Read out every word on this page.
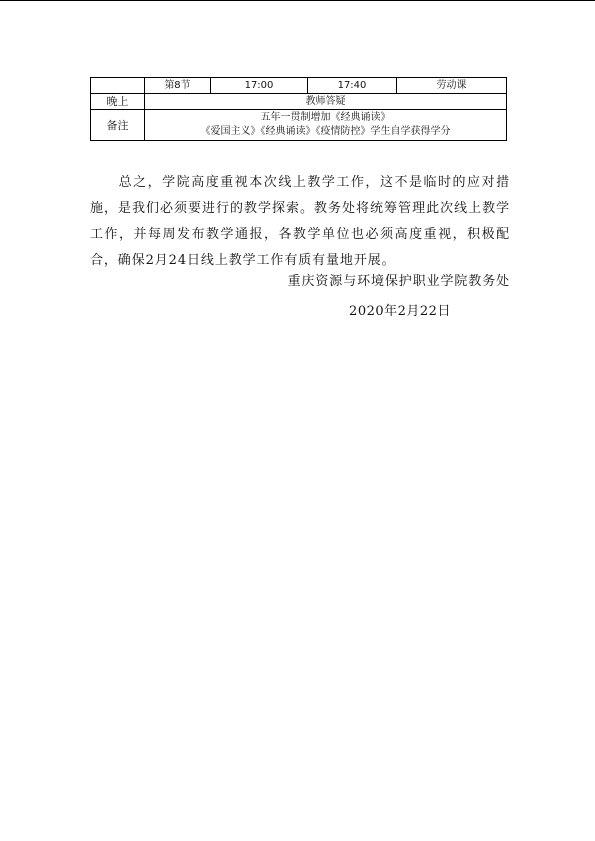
	第8节	17:00	17:40	劳动课
晚上	教师答疑			
备注	五年一贯制增加《经典诵读》
《爱国主义》《经典诵读》《疫情防控》学生自学获得学分			
总之，学院高度重视本次线上教学工作，这不是临时的应对措施，是我们必须要进行的教学探索。教务处将统筹管理此次线上教学工作，并每周发布教学通报，各教学单位也必须高度重视，积极配合，确保2月24日线上教学工作有质有量地开展。
重庆资源与环境保护职业学院教务处
2020年2月22日
